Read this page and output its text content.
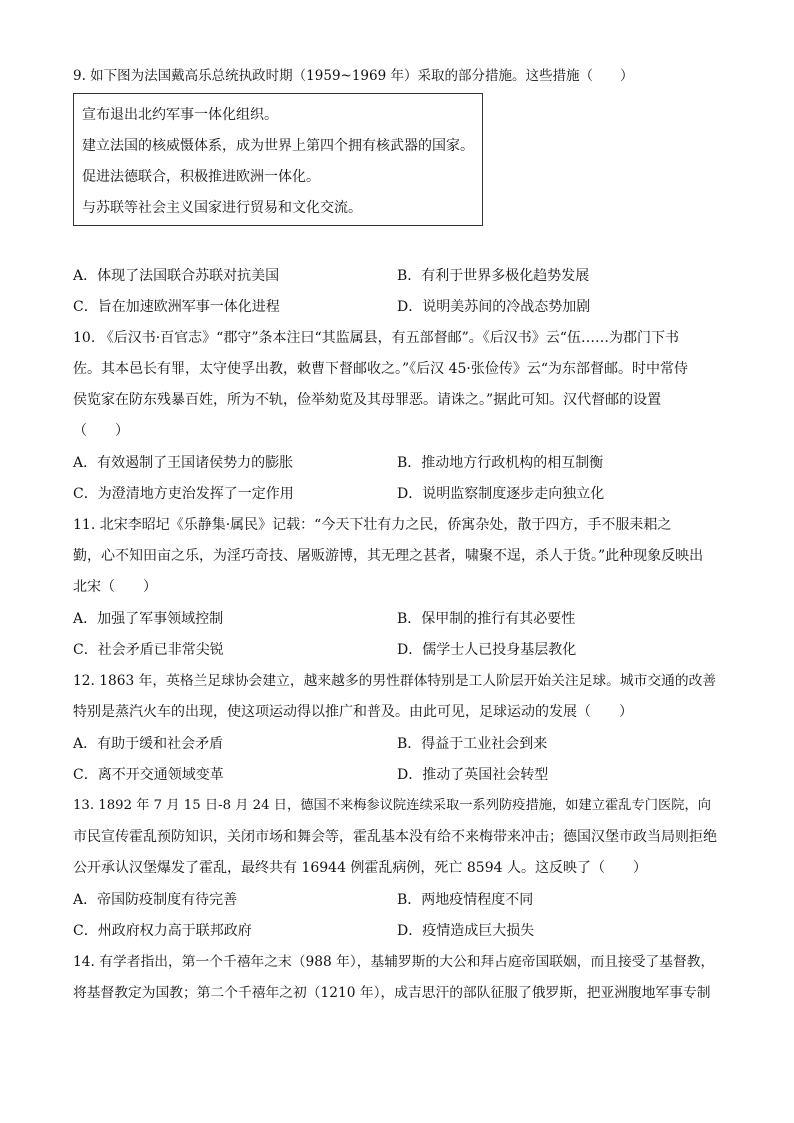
9. 如下图为法国戴高乐总统执政时期（1959~1969 年）采取的部分措施。这些措施（　　）
宣布退出北约军事一体化组织。
建立法国的核威慑体系，成为世界上第四个拥有核武器的国家。
促进法德联合，积极推进欧洲一体化。
与苏联等社会主义国家进行贸易和文化交流。
A．体现了法国联合苏联对抗美国	B．有利于世界多极化趋势发展
C．旨在加速欧洲军事一体化进程	D．说明美苏间的冷战态势加剧
10. 《后汉书·百官志》“郡守”条本注曰“其监属县，有五部督邮”。《后汉书》云“伍……为郡门下书
佐。其本邑长有罪，太守使孚出教，敕曹下督邮收之。”《后汉 45·张俭传》云“为东部督邮。时中常侍
侯览家在防东残暴百姓，所为不轨，俭举劾览及其母罪恶。请诛之。”据此可知。汉代督邮的设置
（　　）
A．有效遏制了王国诸侯势力的膨胀	B．推动地方行政机构的相互制衡
C．为澄清地方吏治发挥了一定作用	D．说明监察制度逐步走向独立化
11. 北宋李昭圮《乐静集·属民》记载：“今天下壮有力之民，侨寓杂处，散于四方，手不服耒耜之
勤，心不知田亩之乐，为淫巧奇技、屠贩游博，其无理之甚者，啸聚不逞，杀人于货。”此种现象反映出
北宋（　　）
A．加强了军事领域控制	B．保甲制的推行有其必要性
C．社会矛盾已非常尖锐	D．儒学士人已投身基层教化
12. 1863 年，英格兰足球协会建立，越来越多的男性群体特别是工人阶层开始关注足球。城市交通的改善
特别是蒸汽火车的出现，使这项运动得以推广和普及。由此可见，足球运动的发展（　　）
A．有助于缓和社会矛盾	B．得益于工业社会到来
C．离不开交通领域变革	D．推动了英国社会转型
13. 1892 年 7 月 15 日-8 月 24 日，德国不来梅参议院连续采取一系列防疫措施，如建立霍乱专门医院，向
市民宣传霍乱预防知识，关闭市场和舞会等，霍乱基本没有给不来梅带来冲击；德国汉堡市政当局则拒绝
公开承认汉堡爆发了霍乱，最终共有 16944 例霍乱病例，死亡 8594 人。这反映了（　　）
A．帝国防疫制度有待完善	B．两地疫情程度不同
C．州政府权力高于联邦政府	D．疫情造成巨大损失
14. 有学者指出，第一个千禧年之末（988 年），基辅罗斯的大公和拜占庭帝国联姻，而且接受了基督教，
将基督教定为国教；第二个千禧年之初（1210 年），成吉思汗的部队征服了俄罗斯，把亚洲腹地军事专制
